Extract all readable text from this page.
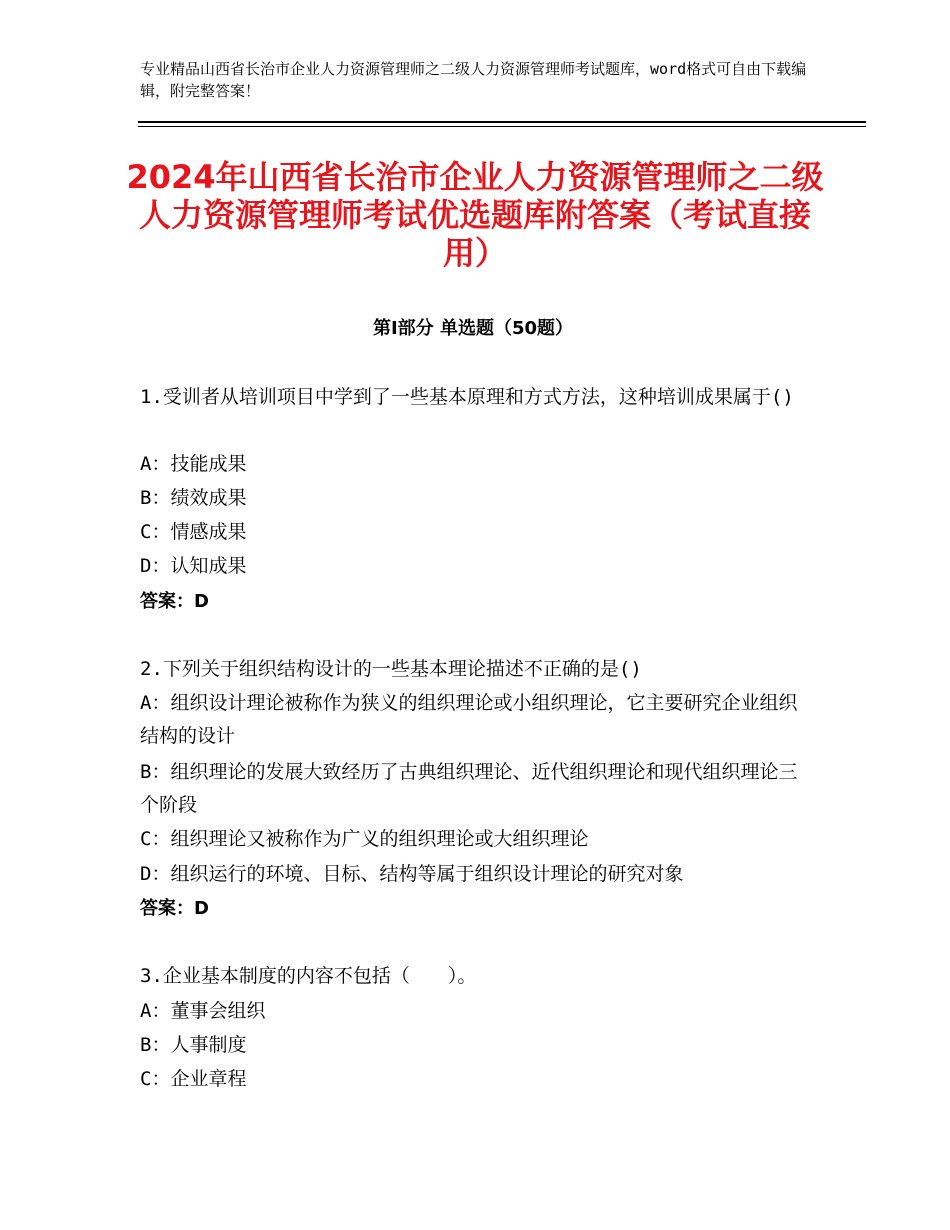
专业精品山西省长治市企业人力资源管理师之二级人力资源管理师考试题库，word格式可自由下载编辑，附完整答案！
2024年山西省长治市企业人力资源管理师之二级人力资源管理师考试优选题库附答案（考试直接用）
第Ⅰ部分 单选题（50题）
1.受训者从培训项目中学到了一些基本原理和方式方法，这种培训成果属于()
A：技能成果
B：绩效成果
C：情感成果
D：认知成果
答案：D
2.下列关于组织结构设计的一些基本理论描述不正确的是()
A：组织设计理论被称作为狭义的组织理论或小组织理论，它主要研究企业组织结构的设计
B：组织理论的发展大致经历了古典组织理论、近代组织理论和现代组织理论三个阶段
C：组织理论又被称作为广义的组织理论或大组织理论
D：组织运行的环境、目标、结构等属于组织设计理论的研究对象
答案：D
3.企业基本制度的内容不包括（　　）。
A：董事会组织
B：人事制度
C：企业章程
